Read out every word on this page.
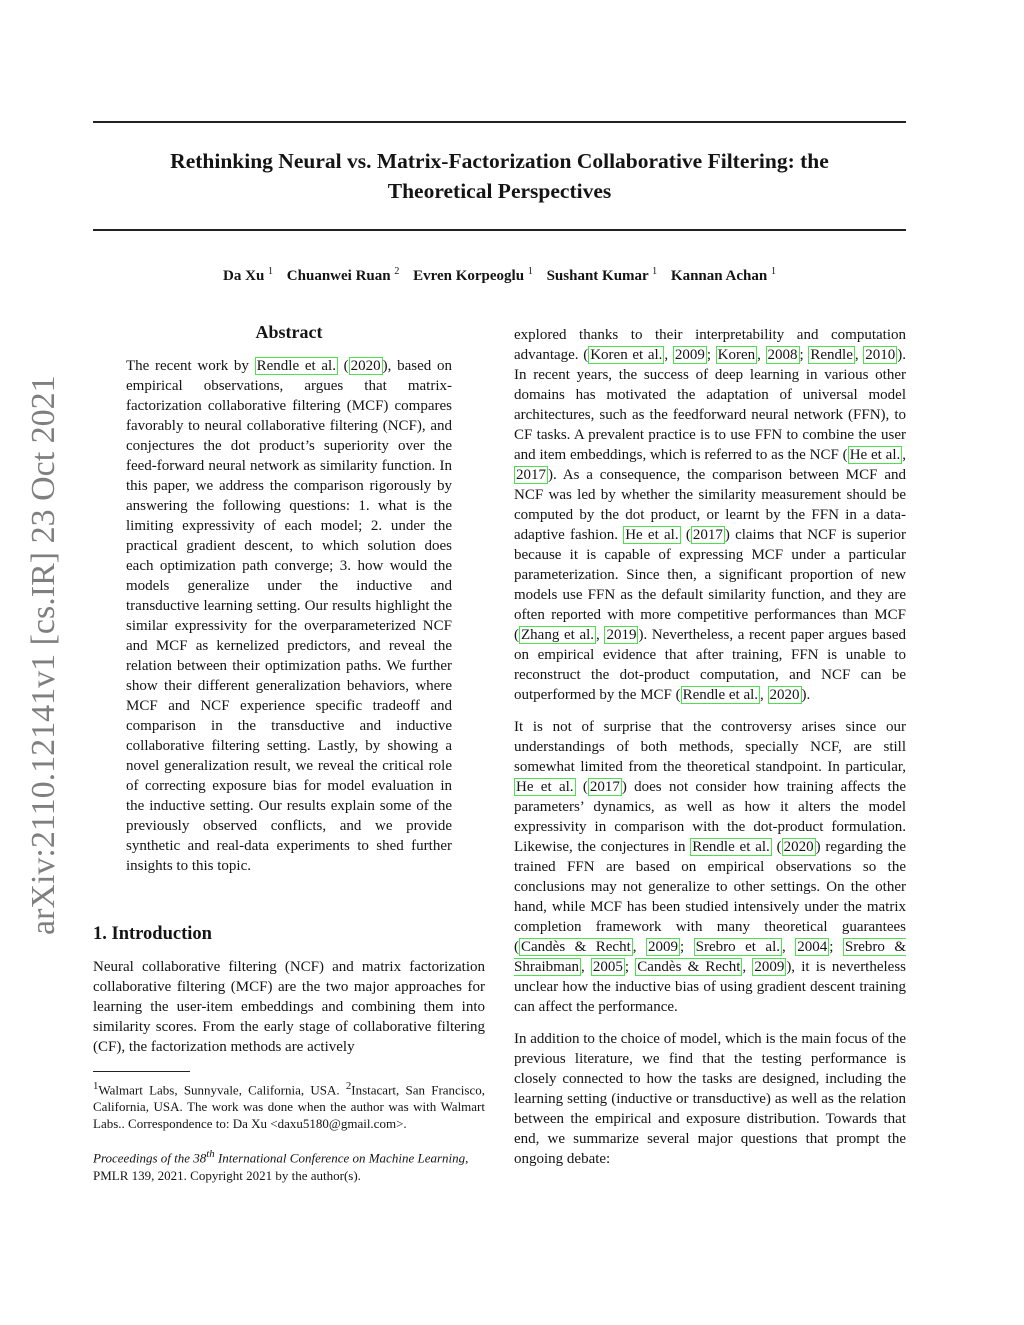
arXiv:2110.12141v1 [cs.IR] 23 Oct 2021
Rethinking Neural vs. Matrix-Factorization Collaborative Filtering: the
Theoretical Perspectives
Da Xu $^1$ Chuanwei Ruan $^2$ Evren Korpeoglu $^1$ Sushant Kumar $^1$ Kannan Achan $^1$
Abstract
The recent work by Rendle et al. ( 2020 ), based on empirical observations, argues that matrix-factorization collaborative filtering (MCF) compares favorably to neural collaborative filtering (NCF), and conjectures the dot product’s superiority over the feed-forward neural network as similarity function. In this paper, we address the comparison rigorously by answering the following questions: 1. what is the limiting expressivity of each model; 2. under the practical gradient descent, to which solution does each optimization path converge; 3. how would the models generalize under the inductive and transductive learning setting. Our results highlight the similar expressivity for the overparameterized NCF and MCF as kernelized predictors, and reveal the relation between their optimization paths. We further show their different generalization behaviors, where MCF and NCF experience specific tradeoff and comparison in the transductive and inductive collaborative filtering setting. Lastly, by showing a novel generalization result, we reveal the critical role of correcting exposure bias for model evaluation in the inductive setting. Our results explain some of the previously observed conflicts, and we provide synthetic and real-data experiments to shed further insights to this topic.
1. Introduction

Neural collaborative filtering (NCF) and matrix factorization collaborative filtering (MCF) are the two major approaches for learning the user-item embeddings and combining them into similarity scores. From the early stage of collaborative filtering (CF), the factorization methods are actively

$^1$Walmart Labs, Sunnyvale, California, USA. $^2$Instacart, San Francisco, California, USA. The work was done when the author was with Walmart Labs.. Correspondence to: Da Xu <daxu5180@gmail.com>.
Proceedings of the 38th International Conference on Machine Learning, PMLR 139, 2021. Copyright 2021 by the author(s).

explored thanks to their interpretability and computation advantage. ( Koren et al. , 2009 ; Koren , 2008 ; Rendle , 2010 ). In recent years, the success of deep learning in various other domains has motivated the adaptation of universal model architectures, such as the feedforward neural network (FFN), to CF tasks. A prevalent practice is to use FFN to combine the user and item embeddings, which is referred to as the NCF ( He et al. , 2017 ). As a consequence, the comparison between MCF and NCF was led by whether the similarity measurement should be computed by the dot product, or learnt by the FFN in a data-adaptive fashion. He et al. ( 2017 ) claims that NCF is superior because it is capable of expressing MCF under a particular parameterization. Since then, a significant proportion of new models use FFN as the default similarity function, and they are often reported with more competitive performances than MCF ( Zhang et al. , 2019 ). Nevertheless, a recent paper argues based on empirical evidence that after training, FFN is unable to reconstruct the dot-product computation, and NCF can be outperformed by the MCF ( Rendle et al. , 2020 ).

It is not of surprise that the controversy arises since our understandings of both methods, specially NCF, are still somewhat limited from the theoretical standpoint. In particular, He et al. ( 2017 ) does not consider how training affects the parameters’ dynamics, as well as how it alters the model expressivity in comparison with the dot-product formulation. Likewise, the conjectures in Rendle et al. ( 2020 ) regarding the trained FFN are based on empirical observations so the conclusions may not generalize to other settings. On the other hand, while MCF has been studied intensively under the matrix completion framework with many theoretical guarantees ( Candès & Recht , 2009 ; Srebro et al. , 2004 ; Srebro & Shraibman , 2005 ; Candès & Recht , 2009 ), it is nevertheless unclear how the inductive bias of using gradient descent training can affect the performance.

In addition to the choice of model, which is the main focus of the previous literature, we find that the testing performance is closely connected to how the tasks are designed, including the learning setting (inductive or transductive) as well as the relation between the empirical and exposure distribution. Towards that end, we summarize several major questions that prompt the ongoing debate:
